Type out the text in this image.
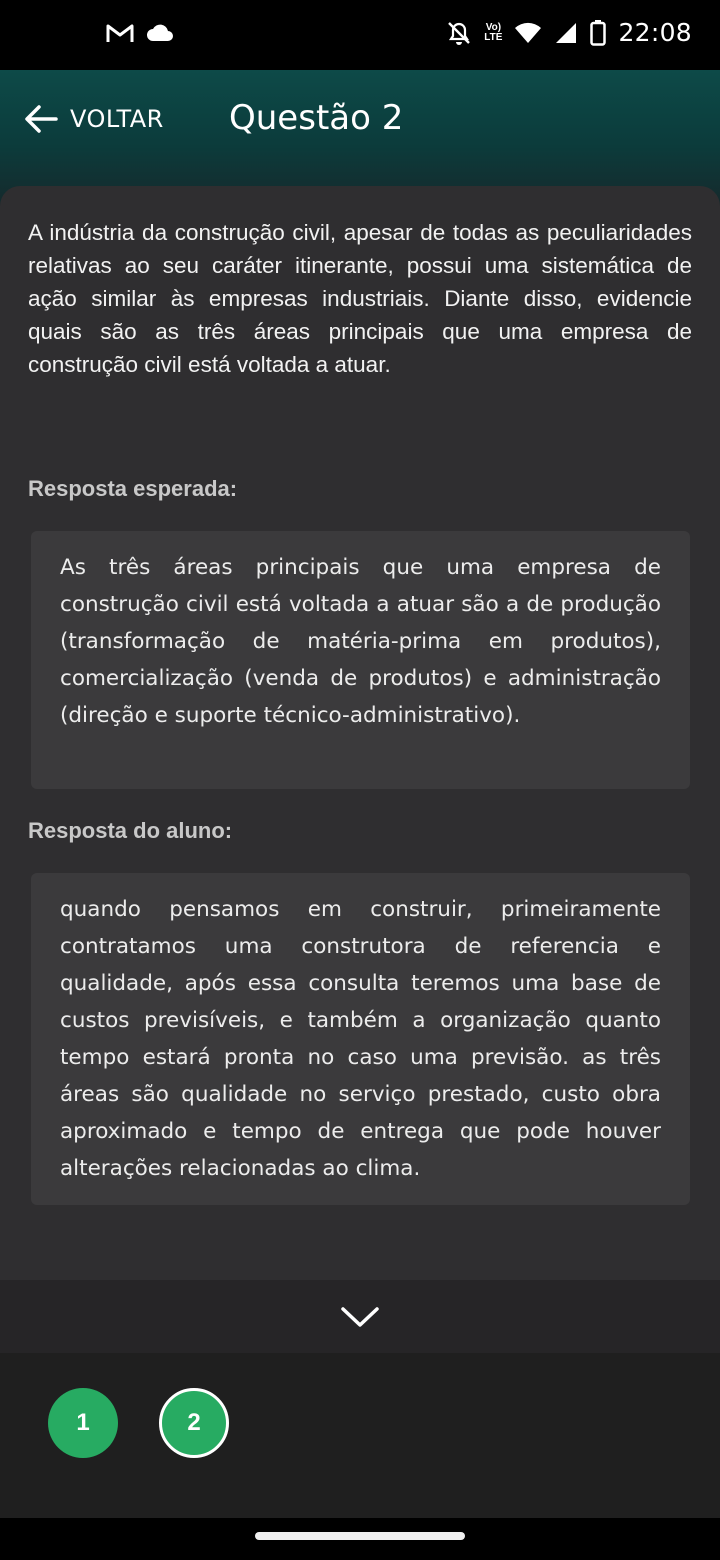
Vo)
LTE	22:08
VOLTAR Questão 2
A indústria da construção civil, apesar de todas as peculiaridades relativas ao seu caráter itinerante, possui uma sistemática de ação similar às empresas industriais. Diante disso, evidencie quais são as três áreas principais que uma empresa de construção civil está voltada a atuar.
Resposta esperada:
As três áreas principais que uma empresa de construção civil está voltada a atuar são a de produção (transformação de matéria-prima em produtos), comercialização (venda de produtos) e administração (direção e suporte técnico-administrativo).
Resposta do aluno:
quando pensamos em construir, primeiramente contratamos uma construtora de referencia e qualidade, após essa consulta teremos uma base de custos previsíveis, e também a organização quanto tempo estará pronta no caso uma previsão. as três áreas são qualidade no serviço prestado, custo obra aproximado e tempo de entrega que pode houver alterações relacionadas ao clima.
1	2
